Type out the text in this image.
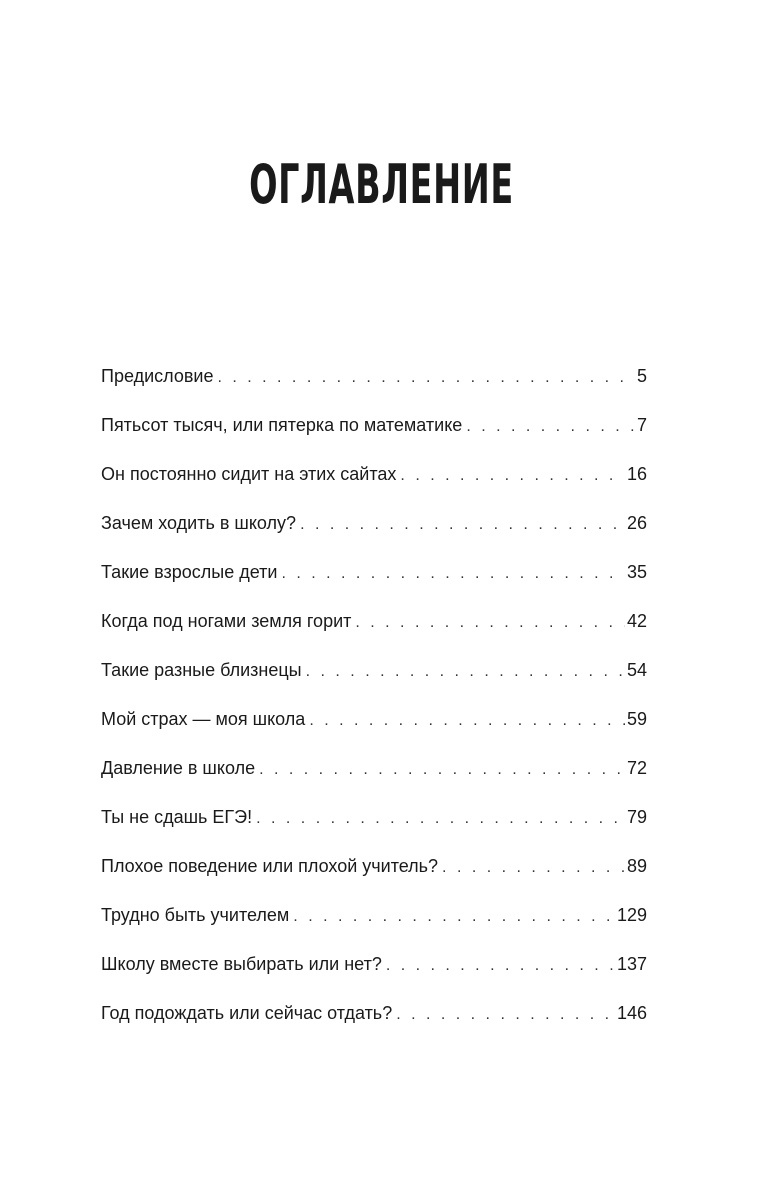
ОГЛАВЛЕНИЕ
Предисловие . . .	5
Пятьсот тысяч, или пятерка по математике . . .	7
Он постоянно сидит на этих сайтах . . .	16
Зачем ходить в школу? . . .	26
Такие взрослые дети . . .	35
Когда под ногами земля горит . . .	42
Такие разные близнецы . . .	54
Мой страх — моя школа . . .	59
Давление в школе . . .	72
Ты не сдашь ЕГЭ! . . .	79
Плохое поведение или плохой учитель? . . .	89
Трудно быть учителем . . .	129
Школу вместе выбирать или нет? . . .	137
Год подождать или сейчас отдать? . . .	146
